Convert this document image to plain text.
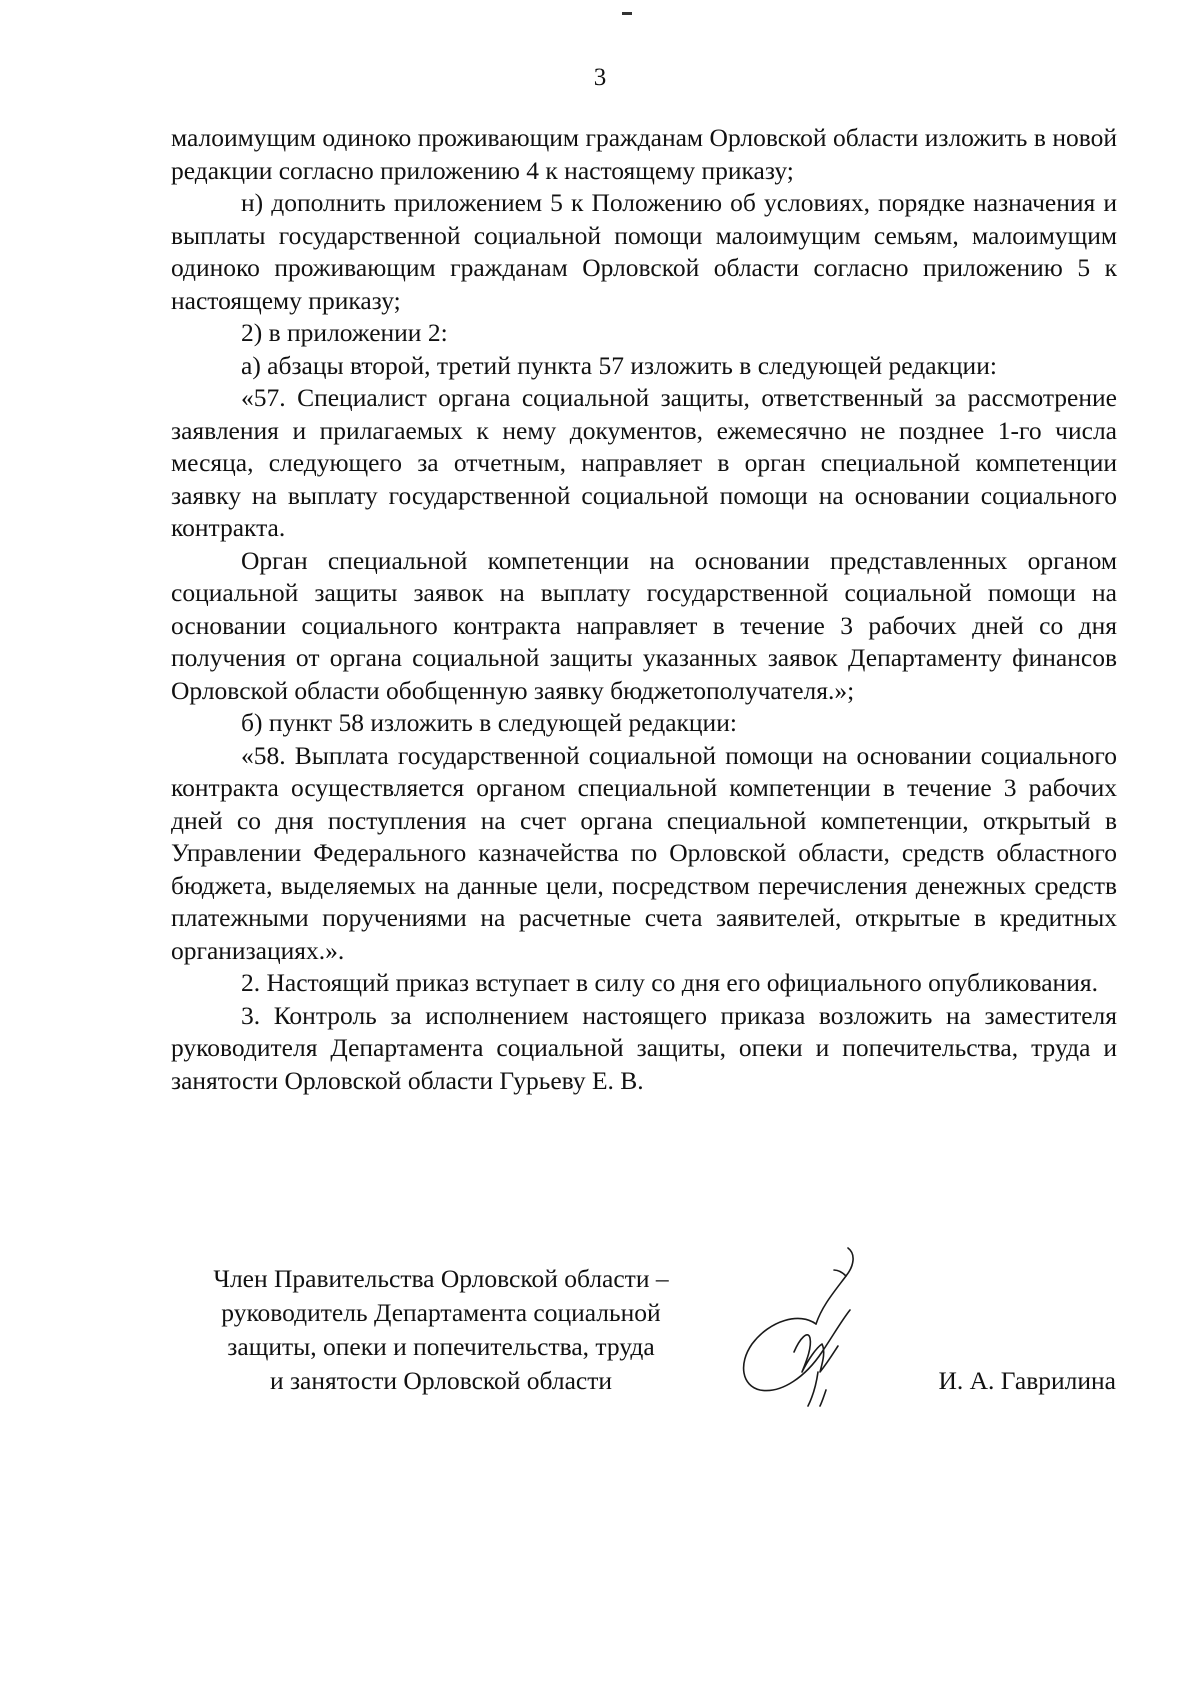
3

малоимущим одиноко проживающим гражданам Орловской области изложить в новой редакции согласно приложению 4 к настоящему приказу;

н) дополнить приложением 5 к Положению об условиях, порядке назначения и выплаты государственной социальной помощи малоимущим семьям, малоимущим одиноко проживающим гражданам Орловской области согласно приложению 5 к настоящему приказу;

2) в приложении 2:

а) абзацы второй, третий пункта 57 изложить в следующей редакции:

«57. Специалист органа социальной защиты, ответственный за рассмотрение заявления и прилагаемых к нему документов, ежемесячно не позднее 1-го числа месяца, следующего за отчетным, направляет в орган специальной компетенции заявку на выплату государственной социальной помощи на основании социального контракта.

Орган специальной компетенции на основании представленных органом социальной защиты заявок на выплату государственной социальной помощи на основании социального контракта направляет в течение 3 рабочих дней со дня получения от органа социальной защиты указанных заявок Департаменту финансов Орловской области обобщенную заявку бюджетополучателя.»;

б) пункт 58 изложить в следующей редакции:

«58. Выплата государственной социальной помощи на основании социального контракта осуществляется органом специальной компетенции в течение 3 рабочих дней со дня поступления на счет органа специальной компетенции, открытый в Управлении Федерального казначейства по Орловской области, средств областного бюджета, выделяемых на данные цели, посредством перечисления денежных средств платежными поручениями на расчетные счета заявителей, открытые в кредитных организациях.».

2. Настоящий приказ вступает в силу со дня его официального опубликования.

3. Контроль за исполнением настоящего приказа возложить на заместителя руководителя Департамента социальной защиты, опеки и попечительства, труда и занятости Орловской области Гурьеву Е. В.

Член Правительства Орловской области –
руководитель Департамента социальной
защиты, опеки и попечительства, труда
и занятости Орловской области	И. А. Гаврилина
